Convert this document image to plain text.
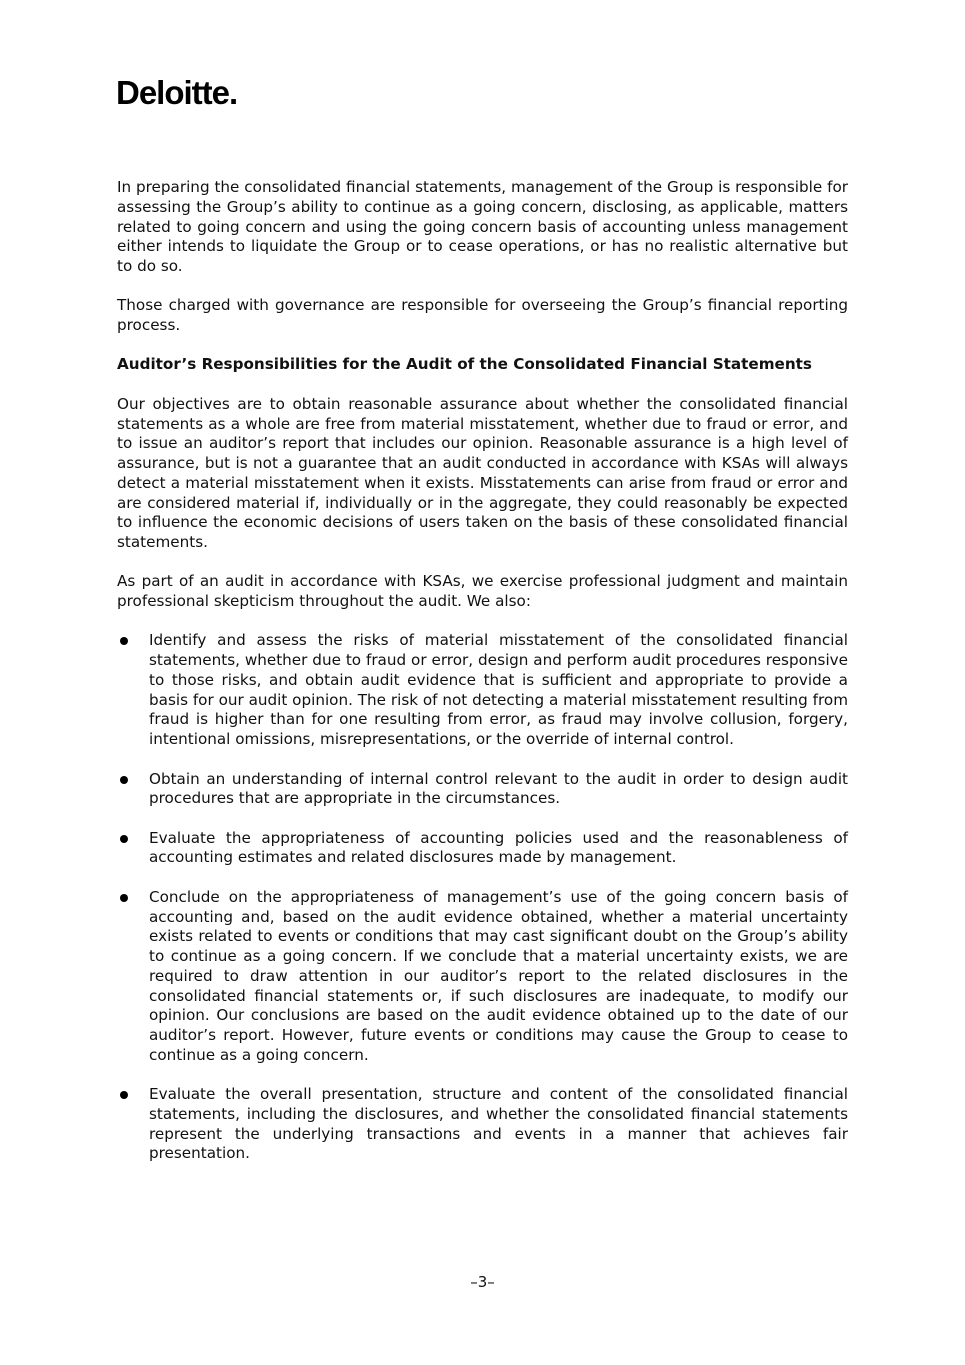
Deloitte.

In preparing the consolidated financial statements, management of the Group is responsible for assessing the Group’s ability to continue as a going concern, disclosing, as applicable, matters related to going concern and using the going concern basis of accounting unless management either intends to liquidate the Group or to cease operations, or has no realistic alternative but to do so.

Those charged with governance are responsible for overseeing the Group’s financial reporting process.

Auditor’s Responsibilities for the Audit of the Consolidated Financial Statements

Our objectives are to obtain reasonable assurance about whether the consolidated financial statements as a whole are free from material misstatement, whether due to fraud or error, and to issue an auditor’s report that includes our opinion. Reasonable assurance is a high level of assurance, but is not a guarantee that an audit conducted in accordance with KSAs will always detect a material misstatement when it exists. Misstatements can arise from fraud or error and are considered material if, individually or in the aggregate, they could reasonably be expected to influence the economic decisions of users taken on the basis of these consolidated financial statements.

As part of an audit in accordance with KSAs, we exercise professional judgment and maintain professional skepticism throughout the audit. We also:

Identify and assess the risks of material misstatement of the consolidated financial statements, whether due to fraud or error, design and perform audit procedures responsive to those risks, and obtain audit evidence that is sufficient and appropriate to provide a basis for our audit opinion. The risk of not detecting a material misstatement resulting from fraud is higher than for one resulting from error, as fraud may involve collusion, forgery, intentional omissions, misrepresentations, or the override of internal control.
Obtain an understanding of internal control relevant to the audit in order to design audit procedures that are appropriate in the circumstances.
Evaluate the appropriateness of accounting policies used and the reasonableness of accounting estimates and related disclosures made by management.
Conclude on the appropriateness of management’s use of the going concern basis of accounting and, based on the audit evidence obtained, whether a material uncertainty exists related to events or conditions that may cast significant doubt on the Group’s ability to continue as a going concern. If we conclude that a material uncertainty exists, we are required to draw attention in our auditor’s report to the related disclosures in the consolidated financial statements or, if such disclosures are inadequate, to modify our opinion. Our conclusions are based on the audit evidence obtained up to the date of our auditor’s report. However, future events or conditions may cause the Group to cease to continue as a going concern.
Evaluate the overall presentation, structure and content of the consolidated financial statements, including the disclosures, and whether the consolidated financial statements represent the underlying transactions and events in a manner that achieves fair presentation.
–3–
